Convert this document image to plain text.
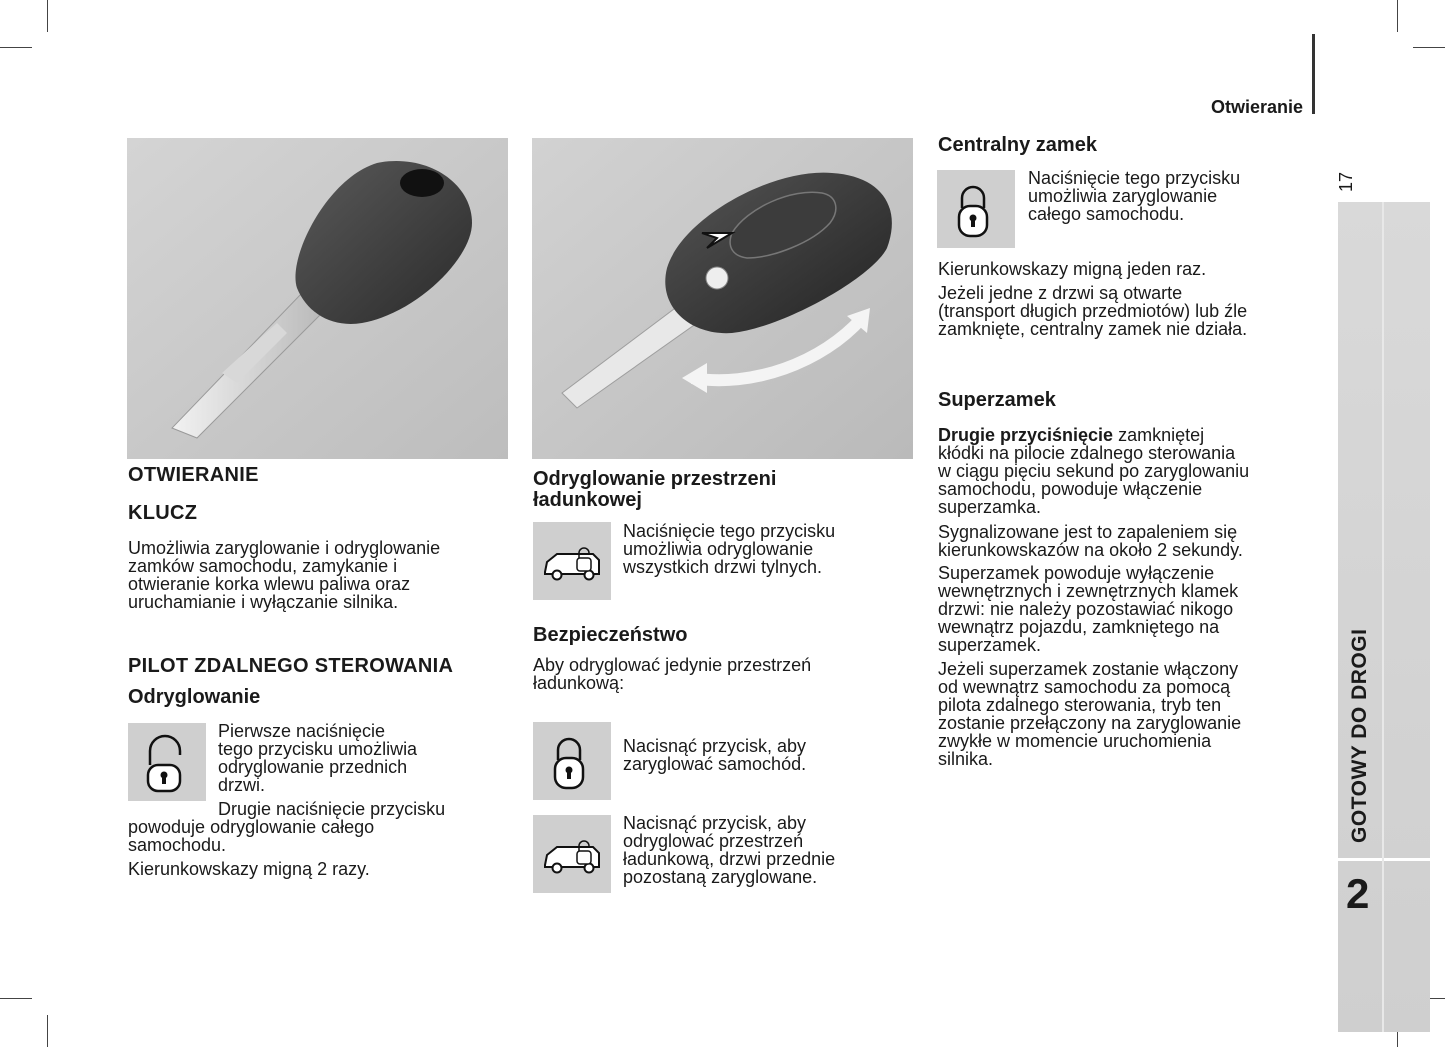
Otwieranie
17
GOTOWY DO DROGI
2
OTWIERANIE
KLUCZ

Umożliwia zaryglowanie i odryglowanie

zamków samochodu, zamykanie i

otwieranie korka wlewu paliwa oraz

uruchamianie i wyłączanie silnika.

PILOT ZDALNEGO STEROWANIA
Odryglowanie

Pierwsze naciśnięcie

tego przycisku umożliwia

odryglowanie przednich

drzwi.

Drugie naciśnięcie przycisku

powoduje odryglowanie całego

samochodu.

Kierunkowskazy migną 2 razy.
Odryglowanie przestrzeni
ładunkowej

Naciśnięcie tego przycisku

umożliwia odryglowanie

wszystkich drzwi tylnych.

Bezpieczeństwo

Aby odryglować jedynie przestrzeń

ładunkową:

Nacisnąć przycisk, aby

zaryglować samochód.

Nacisnąć przycisk, aby

odryglować przestrzeń

ładunkową, drzwi przednie

pozostaną zaryglowane.

Centralny zamek

Naciśnięcie tego przycisku

umożliwia zaryglowanie

całego samochodu.

Kierunkowskazy migną jeden raz.

Jeżeli jedne z drzwi są otwarte

(transport długich przedmiotów) lub źle

zamknięte, centralny zamek nie działa.

Superzamek

Drugie przyciśnięcie zamkniętej

kłódki na pilocie zdalnego sterowania

w ciągu pięciu sekund po zaryglowaniu

samochodu, powoduje włączenie

superzamka.

Sygnalizowane jest to zapaleniem się

kierunkowskazów na około 2 sekundy.

Superzamek powoduje wyłączenie

wewnętrznych i zewnętrznych klamek

drzwi: nie należy pozostawiać nikogo

wewnątrz pojazdu, zamkniętego na

superzamek.

Jeżeli superzamek zostanie włączony

od wewnątrz samochodu za pomocą

pilota zdalnego sterowania, tryb ten

zostanie przełączony na zaryglowanie

zwykłe w momencie uruchomienia

silnika.
